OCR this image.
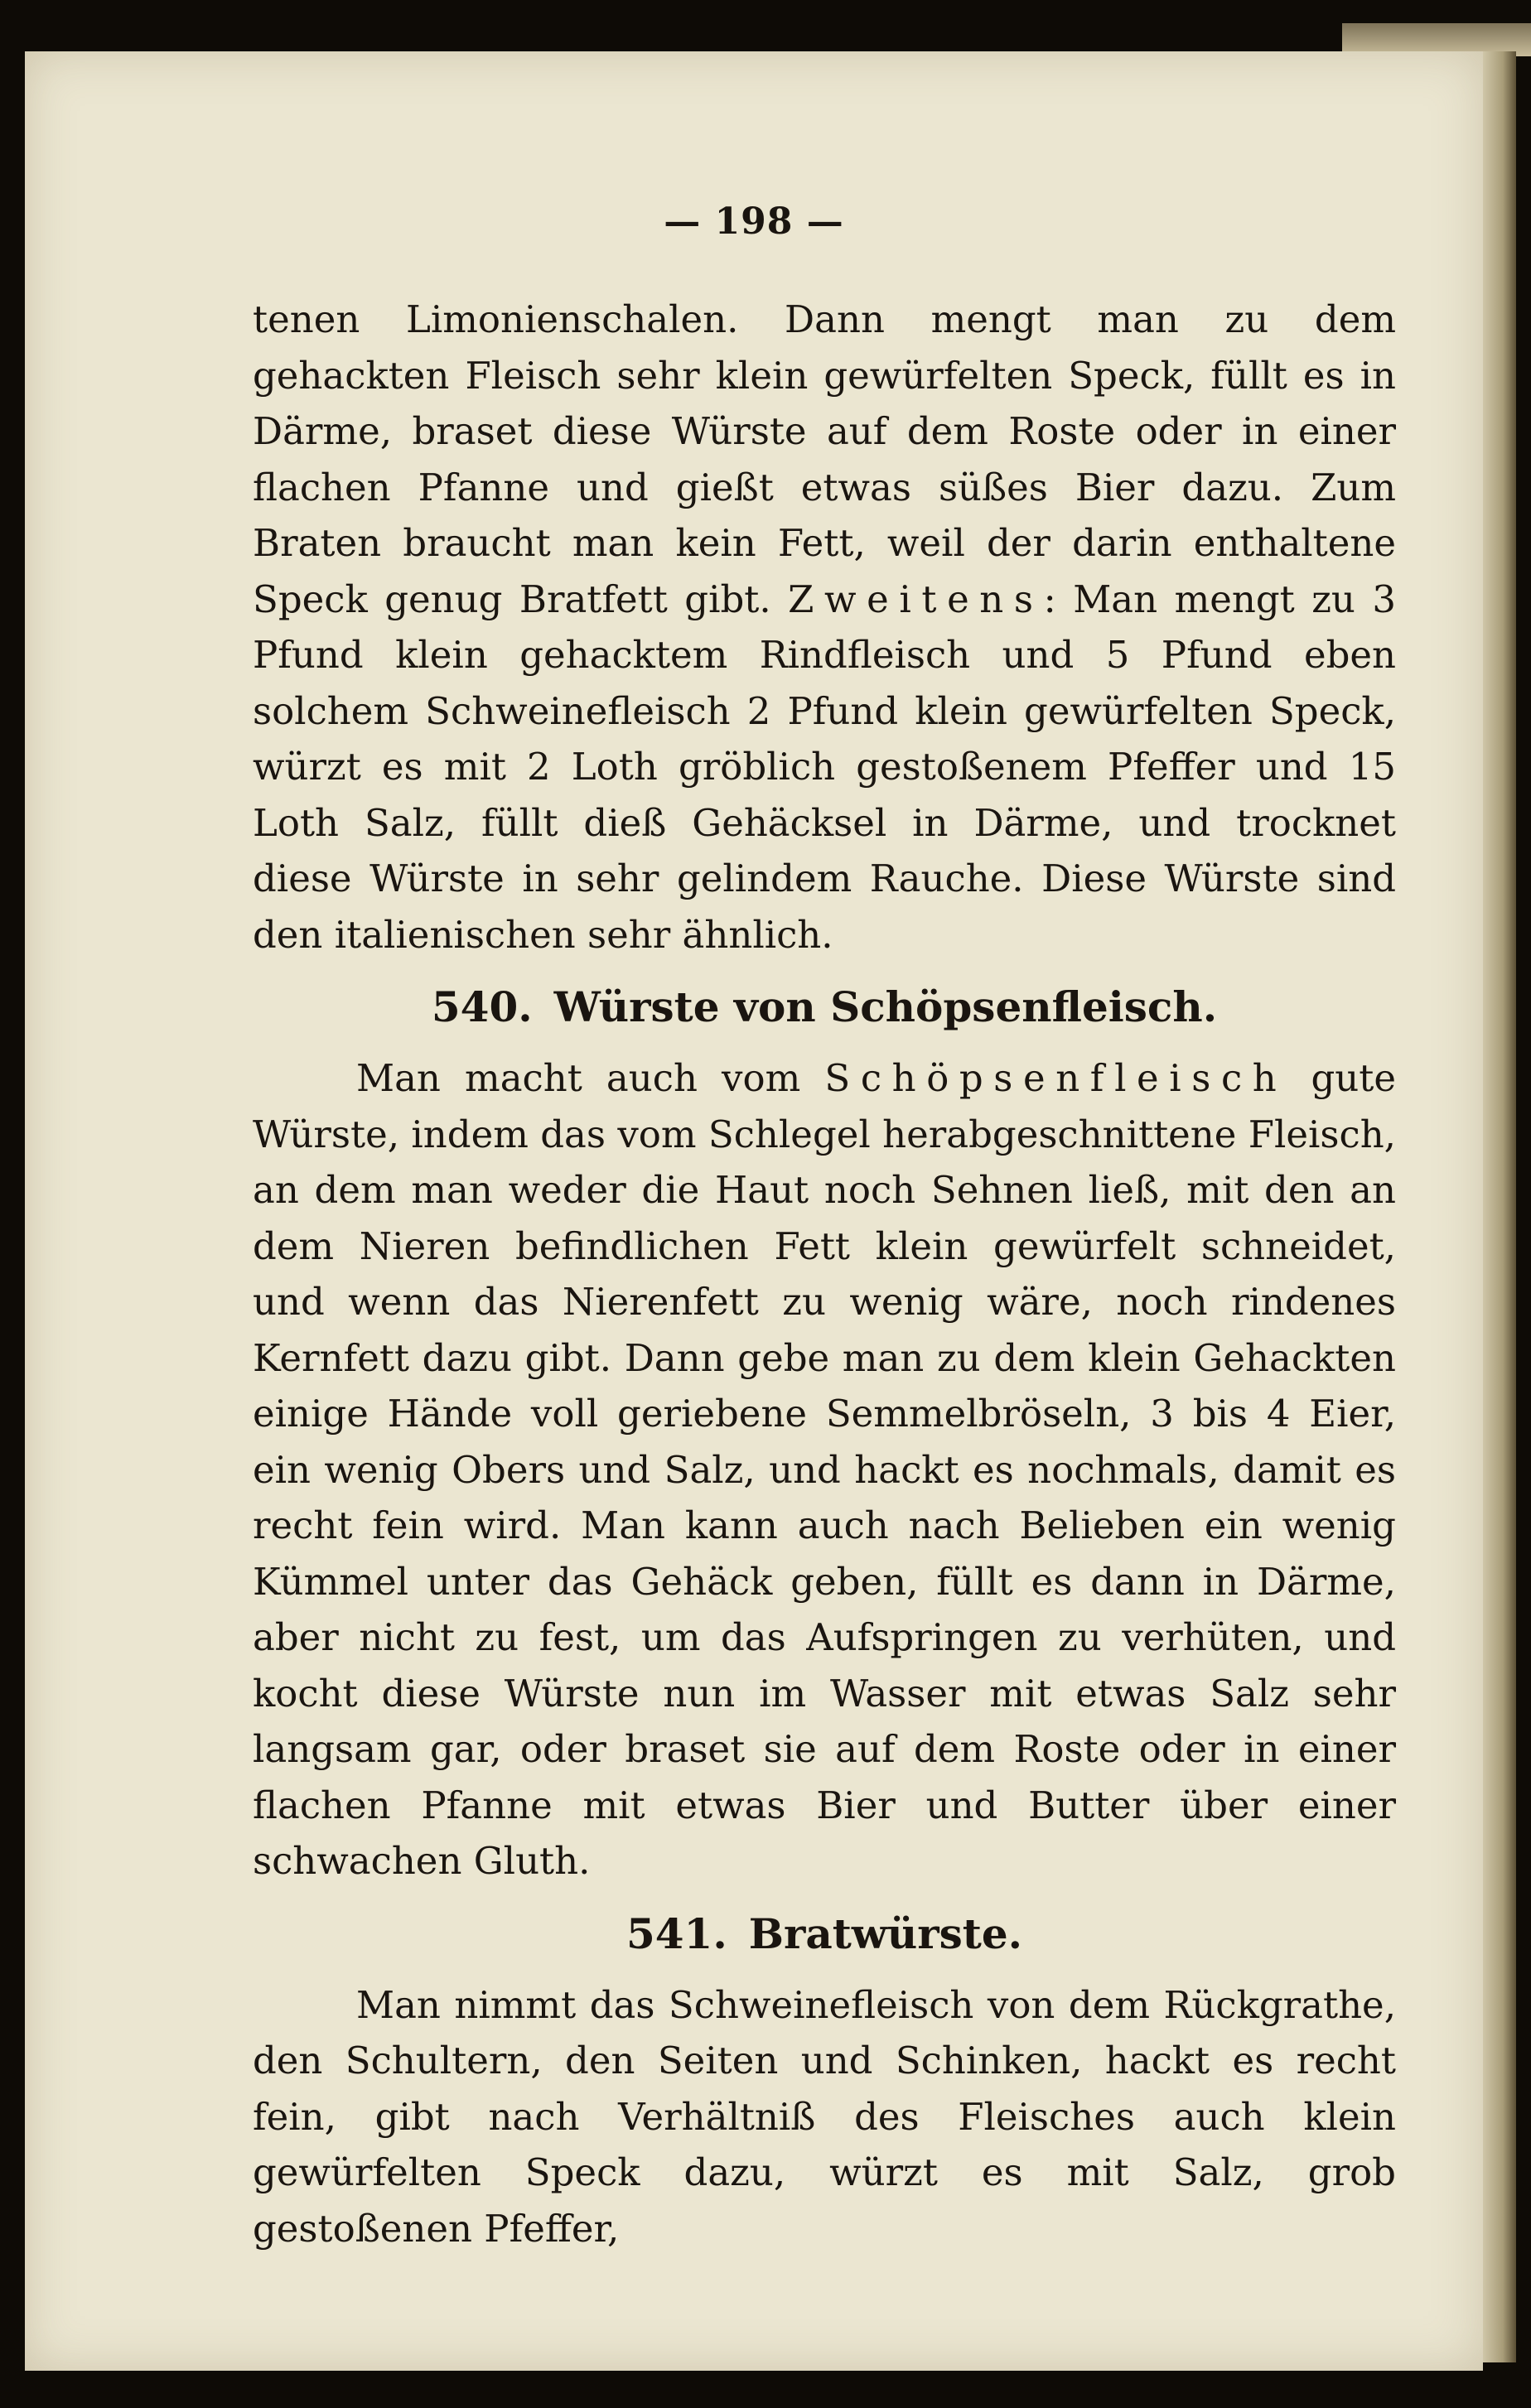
— 198 —

tenen Limonienschalen. Dann mengt man zu dem gehackten Fleisch sehr klein gewürfelten Speck, füllt es in Därme, braset diese Würste auf dem Roste oder in einer flachen Pfanne und gießt etwas süßes Bier dazu. Zum Braten braucht man kein Fett, weil der darin enthaltene Speck genug Bratfett gibt. Zweitens: Man mengt zu 3 Pfund klein gehacktem Rindfleisch und 5 Pfund eben solchem Schweinefleisch 2 Pfund klein gewürfelten Speck, würzt es mit 2 Loth gröblich gestoßenem Pfeffer und 15 Loth Salz, füllt dieß Gehäcksel in Därme, und trocknet diese Würste in sehr gelindem Rauche. Diese Würste sind den italienischen sehr ähnlich.

540. Würste von Schöpsenfleisch.

Man macht auch vom Schöpsenfleisch gute Würste, indem das vom Schlegel herabgeschnittene Fleisch, an dem man weder die Haut noch Sehnen ließ, mit den an dem Nieren befindlichen Fett klein gewürfelt schneidet, und wenn das Nierenfett zu wenig wäre, noch rindenes Kernfett dazu gibt. Dann gebe man zu dem klein Gehackten einige Hände voll geriebene Semmelbröseln, 3 bis 4 Eier, ein wenig Obers und Salz, und hackt es nochmals, damit es recht fein wird. Man kann auch nach Belieben ein wenig Kümmel unter das Gehäck geben, füllt es dann in Därme, aber nicht zu fest, um das Aufspringen zu verhüten, und kocht diese Würste nun im Wasser mit etwas Salz sehr langsam gar, oder braset sie auf dem Roste oder in einer flachen Pfanne mit etwas Bier und Butter über einer schwachen Gluth.

541. Bratwürste.

Man nimmt das Schweinefleisch von dem Rückgrathe, den Schultern, den Seiten und Schinken, hackt es recht fein, gibt nach Verhältniß des Fleisches auch klein gewürfelten Speck dazu, würzt es mit Salz, grob gestoßenen Pfeffer,
